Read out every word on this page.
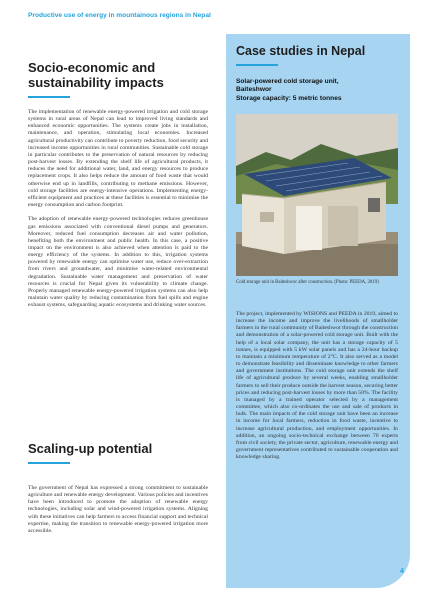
Productive use of energy in mountainous regions in Nepal
Socio-economic and sustainability impacts

The implementation of renewable energy-powered irrigation and cold storage systems in rural areas of Nepal can lead to improved living standards and enhanced economic opportunities. The systems create jobs in installation, maintenance, and operation, stimulating local economies. Increased agricultural productivity can contribute to poverty reduction, food security and increased income opportunities in rural communities. Sustainable cold storage in particular contributes to the preservation of natural resources by reducing post-harvest losses. By extending the shelf life of agricultural products, it reduces the need for additional water, land, and energy resources to produce replacement crops. It also helps reduce the amount of food waste that would otherwise end up in landfills, contributing to methane emissions. However, cold storage facilities are energy-intensive operations. Implementing energy-efficient equipment and practices at these facilities is essential to minimise the energy consumption and carbon footprint.

The adoption of renewable energy-powered technologies reduces greenhouse gas emissions associated with conventional diesel pumps and generators. Moreover, reduced fuel consumption decreases air and water pollution, benefiting both the environment and public health. In this case, a positive impact on the environment is also achieved when attention is paid to the energy efficiency of the systems. In addition to this, irrigation systems powered by renewable energy can optimise water use, reduce over-extraction from rivers and groundwater, and minimise water-related environmental degradation. Sustainable water management and preservation of water resources is crucial for Nepal given its vulnerability to climate change. Properly managed renewable energy-powered irrigation systems can also help maintain water quality by reducing contamination from fuel spills and engine exhaust systems, safeguarding aquatic ecosystems and drinking water sources.

Scaling-up potential

The government of Nepal has expressed a strong commitment to sustainable agriculture and renewable energy development. Various policies and incentives have been introduced to promote the adoption of renewable energy technologies, including solar and wind-powered irrigation systems. Aligning with these initiatives can help farmers to access financial support and technical expertise, making the transition to renewable energy-powered irrigation more accessible.

Case studies in Nepal
Solar-powered cold storage unit,
Baiteshwor
Storage capacity: 5 metric tonnes
Cold storage unit in Baiteshwor after construction. (Photo: PEEDA, 2019)

The project, implemented by WISIONS and PEEDA in 2019, aimed to increase the income and improve the livelihoods of smallholder farmers in the rural community of Baiteshwor through the construction and demonstration of a solar-powered cold storage unit. Built with the help of a local solar company, the unit has a storage capacity of 5 tonnes, is equipped with 5 kW solar panels and has a 24-hour backup to maintain a minimum temperature of 2°C. It also served as a model to demonstrate feasibility and disseminate knowledge to other farmers and government institutions. The cold storage unit extends the shelf life of agricultural produce by several weeks, enabling smallholder farmers to sell their produce outside the harvest season, securing better prices and reducing post-harvest losses by more than 50%. The facility is managed by a trained operator selected by a management committee, which also co-ordinates the use and sale of products in bulk. The main impacts of the cold storage unit have been an increase in income for local farmers, reduction in food waste, incentive to increase agricultural production, and employment opportunities. In addition, an ongoing socio-technical exchange between 70 experts from civil society, the private sector, agriculture, renewable energy and government representatives contributed to sustainable cooperation and knowledge sharing.

4
